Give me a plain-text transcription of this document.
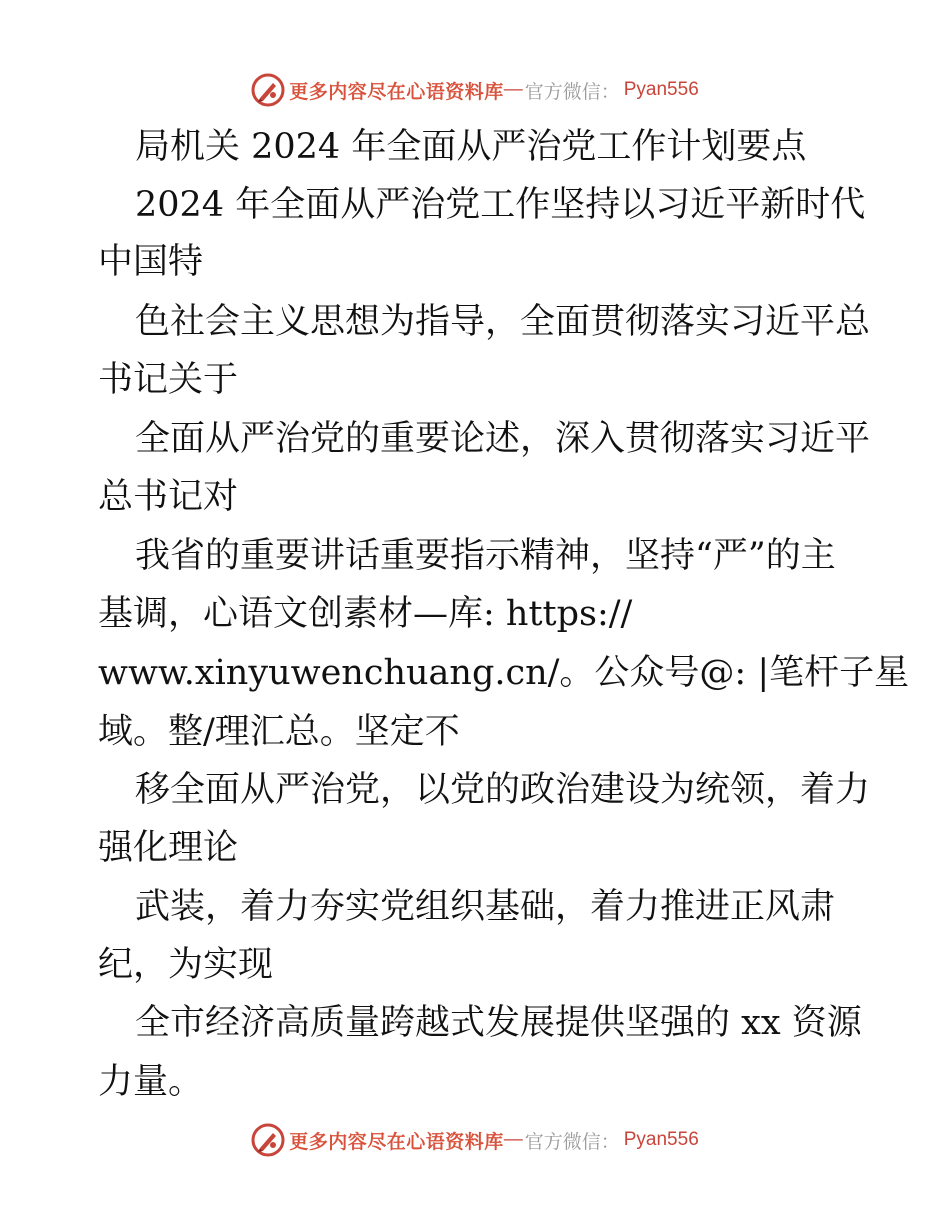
更多内容尽在心语资料库 — 官方微信： Pyan556
局机关 2024 年全面从严治党工作计划要点
2024 年全面从严治党工作坚持以习近平新时代
中国特
色社会主义思想为指导，全面贯彻落实习近平总
书记关于
全面从严治党的重要论述，深入贯彻落实习近平
总书记对
我省的重要讲话重要指示精神，坚持“严”的主
基调，心语文创素材—库: https://
www.xinyuwenchuang.cn/。公众号@: |笔杆子星
域。整/理汇总。坚定不
移全面从严治党，以党的政治建设为统领，着力
强化理论
武装，着力夯实党组织基础，着力推进正风肃
纪，为实现
全市经济高质量跨越式发展提供坚强的 xx 资源
力量。
更多内容尽在心语资料库 — 官方微信： Pyan556
